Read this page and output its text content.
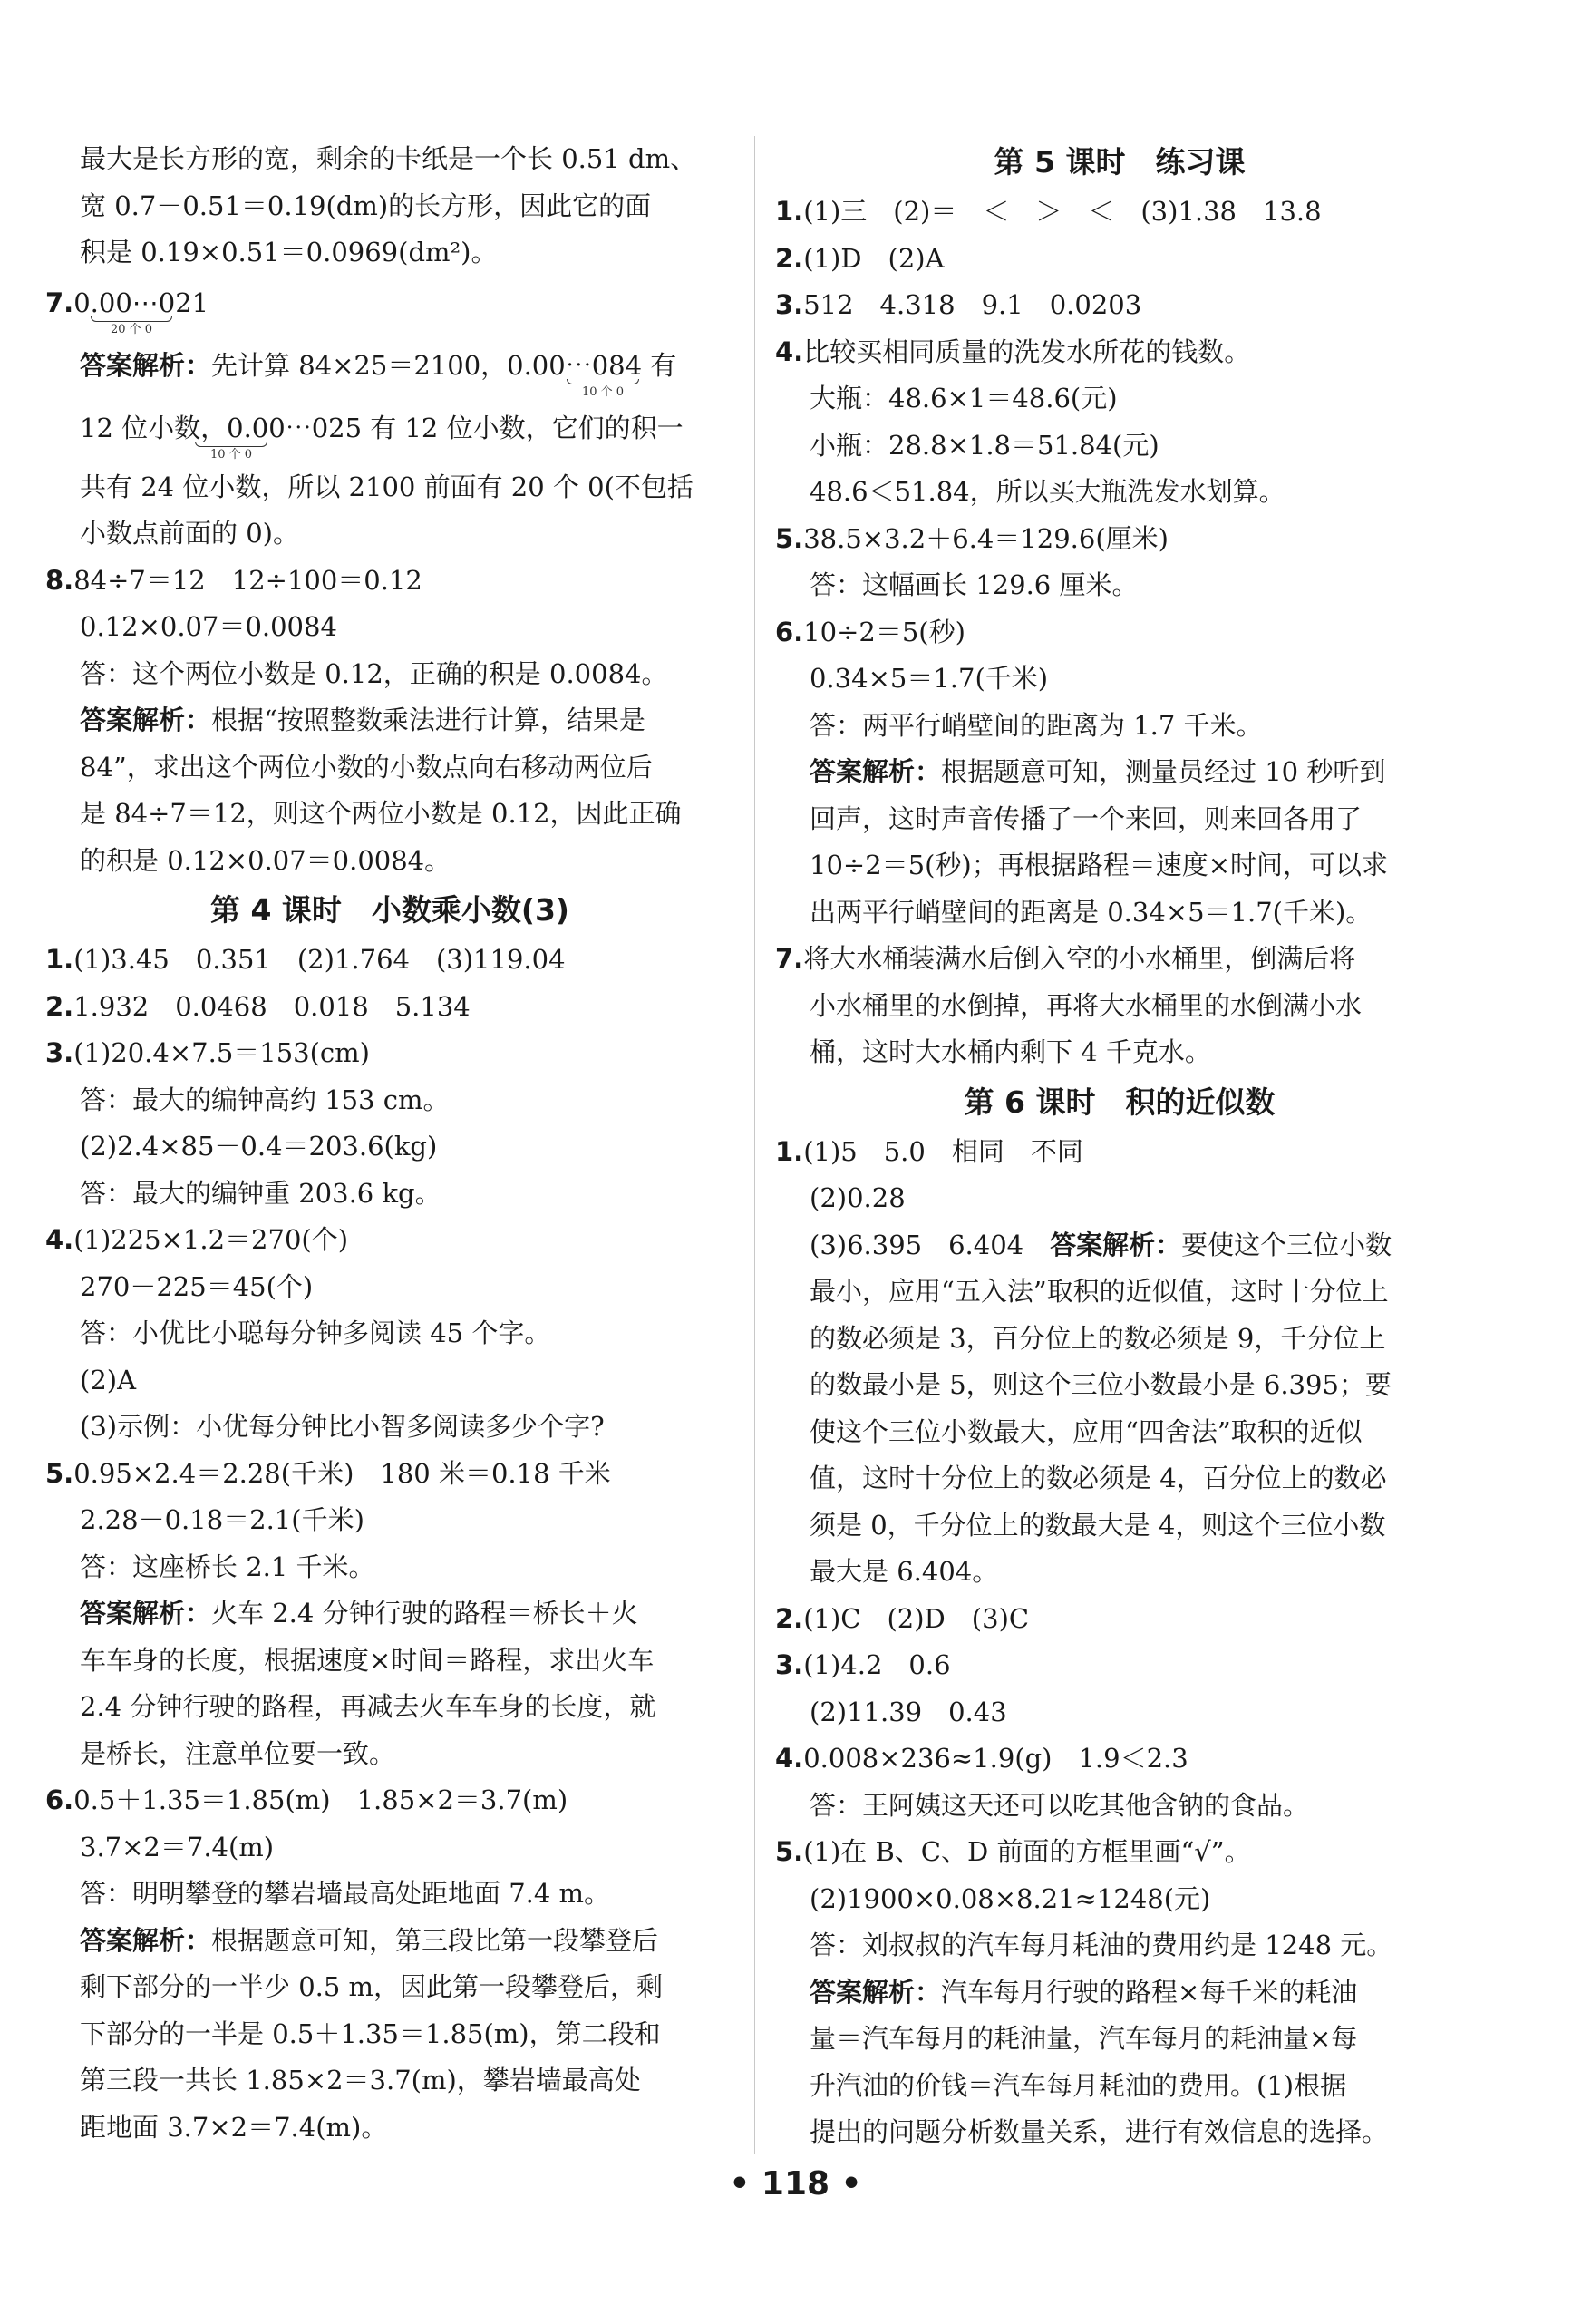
最大是长方形的宽，剩余的卡纸是一个长 0.51 dm、
宽 0.7－0.51＝0.19(dm)的长方形，因此它的面
积是 0.19×0.51＝0.0969(dm²)。
7.0.00⋯021
20 个 0
答案解析：先计算 84×25＝2100，0.00⋯084 有
10 个 0
12 位小数，0.00⋯025 有 12 位小数，它们的积一
10 个 0
共有 24 位小数，所以 2100 前面有 20 个 0(不包括
小数点前面的 0)。
8.84÷7＝12　12÷100＝0.12
0.12×0.07＝0.0084
答：这个两位小数是 0.12，正确的积是 0.0084。
答案解析：根据“按照整数乘法进行计算，结果是
84”，求出这个两位小数的小数点向右移动两位后
是 84÷7＝12，则这个两位小数是 0.12，因此正确
的积是 0.12×0.07＝0.0084。
第 4 课时　小数乘小数(3)
1.(1)3.45　0.351　(2)1.764　(3)119.04
2.1.932　0.0468　0.018　5.134
3.(1)20.4×7.5＝153(cm)
答：最大的编钟高约 153 cm。
(2)2.4×85－0.4＝203.6(kg)
答：最大的编钟重 203.6 kg。
4.(1)225×1.2＝270(个)
270－225＝45(个)
答：小优比小聪每分钟多阅读 45 个字。
(2)A
(3)示例：小优每分钟比小智多阅读多少个字?
5.0.95×2.4＝2.28(千米)　180 米＝0.18 千米
2.28－0.18＝2.1(千米)
答：这座桥长 2.1 千米。
答案解析：火车 2.4 分钟行驶的路程＝桥长＋火
车车身的长度，根据速度×时间＝路程，求出火车
2.4 分钟行驶的路程，再减去火车车身的长度，就
是桥长，注意单位要一致。
6.0.5＋1.35＝1.85(m)　1.85×2＝3.7(m)
3.7×2＝7.4(m)
答：明明攀登的攀岩墙最高处距地面 7.4 m。
答案解析：根据题意可知，第三段比第一段攀登后
剩下部分的一半少 0.5 m，因此第一段攀登后，剩
下部分的一半是 0.5＋1.35＝1.85(m)，第二段和
第三段一共长 1.85×2＝3.7(m)，攀岩墙最高处
距地面 3.7×2＝7.4(m)。
第 5 课时　练习课
1.(1)三　(2)＝　＜　＞　＜　(3)1.38　13.8
2.(1)D　(2)A
3.512　4.318　9.1　0.0203
4.比较买相同质量的洗发水所花的钱数。
大瓶：48.6×1＝48.6(元)
小瓶：28.8×1.8＝51.84(元)
48.6＜51.84，所以买大瓶洗发水划算。
5.38.5×3.2＋6.4＝129.6(厘米)
答：这幅画长 129.6 厘米。
6.10÷2＝5(秒)
0.34×5＝1.7(千米)
答：两平行峭壁间的距离为 1.7 千米。
答案解析：根据题意可知，测量员经过 10 秒听到
回声，这时声音传播了一个来回，则来回各用了
10÷2＝5(秒)；再根据路程＝速度×时间，可以求
出两平行峭壁间的距离是 0.34×5＝1.7(千米)。
7.将大水桶装满水后倒入空的小水桶里，倒满后将
小水桶里的水倒掉，再将大水桶里的水倒满小水
桶，这时大水桶内剩下 4 千克水。
第 6 课时　积的近似数
1.(1)5　5.0　相同　不同
(2)0.28
(3)6.395　6.404　答案解析：要使这个三位小数
最小，应用“五入法”取积的近似值，这时十分位上
的数必须是 3，百分位上的数必须是 9，千分位上
的数最小是 5，则这个三位小数最小是 6.395；要
使这个三位小数最大，应用“四舍法”取积的近似
值，这时十分位上的数必须是 4，百分位上的数必
须是 0，千分位上的数最大是 4，则这个三位小数
最大是 6.404。
2.(1)C　(2)D　(3)C
3.(1)4.2　0.6
(2)11.39　0.43
4.0.008×236≈1.9(g)　1.9＜2.3
答：王阿姨这天还可以吃其他含钠的食品。
5.(1)在 B、C、D 前面的方框里画“√”。
(2)1900×0.08×8.21≈1248(元)
答：刘叔叔的汽车每月耗油的费用约是 1248 元。
答案解析：汽车每月行驶的路程×每千米的耗油
量＝汽车每月的耗油量，汽车每月的耗油量×每
升汽油的价钱＝汽车每月耗油的费用。(1)根据
提出的问题分析数量关系，进行有效信息的选择。
• 118 •
